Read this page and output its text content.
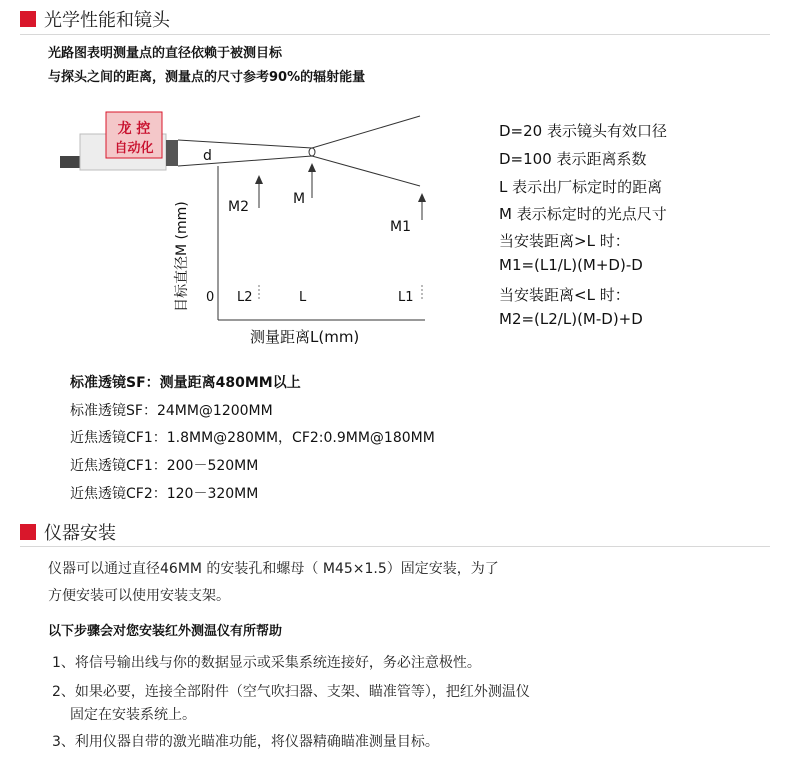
光学性能和镜头
光路图表明测量点的直径依赖于被测目标
与探头之间的距离，测量点的尺寸参考90%的辐射能量
龙 控
自动化	d
M2	M
M1
0 L2	L	L1
测量距离L(mm)
目标直径M (mm)
D=20 表示镜头有效口径
D=100 表示距离系数
L 表示出厂标定时的距离
M 表示标定时的光点尺寸
当安装距离>L 时：
M1=(L1/L)(M+D)-D
当安装距离<L 时：
M2=(L2/L)(M-D)+D
标准透镜SF：测量距离480MM以上
标准透镜SF：24MM@1200MM
近焦透镜CF1：1.8MM@280MM，CF2:0.9MM@180MM
近焦透镜CF1：200－520MM
近焦透镜CF2：120－320MM
仪器安装
仪器可以通过直径46MM 的安装孔和螺母（ M45×1.5）固定安装，为了
方便安装可以使用安装支架。
以下步骤会对您安装红外测温仪有所帮助
1、将信号输出线与你的数据显示或采集系统连接好，务必注意极性。
2、如果必要，连接全部附件（空气吹扫器、支架、瞄准管等），把红外测温仪
固定在安装系统上。
3、利用仪器自带的激光瞄准功能，将仪器精确瞄准测量目标。
